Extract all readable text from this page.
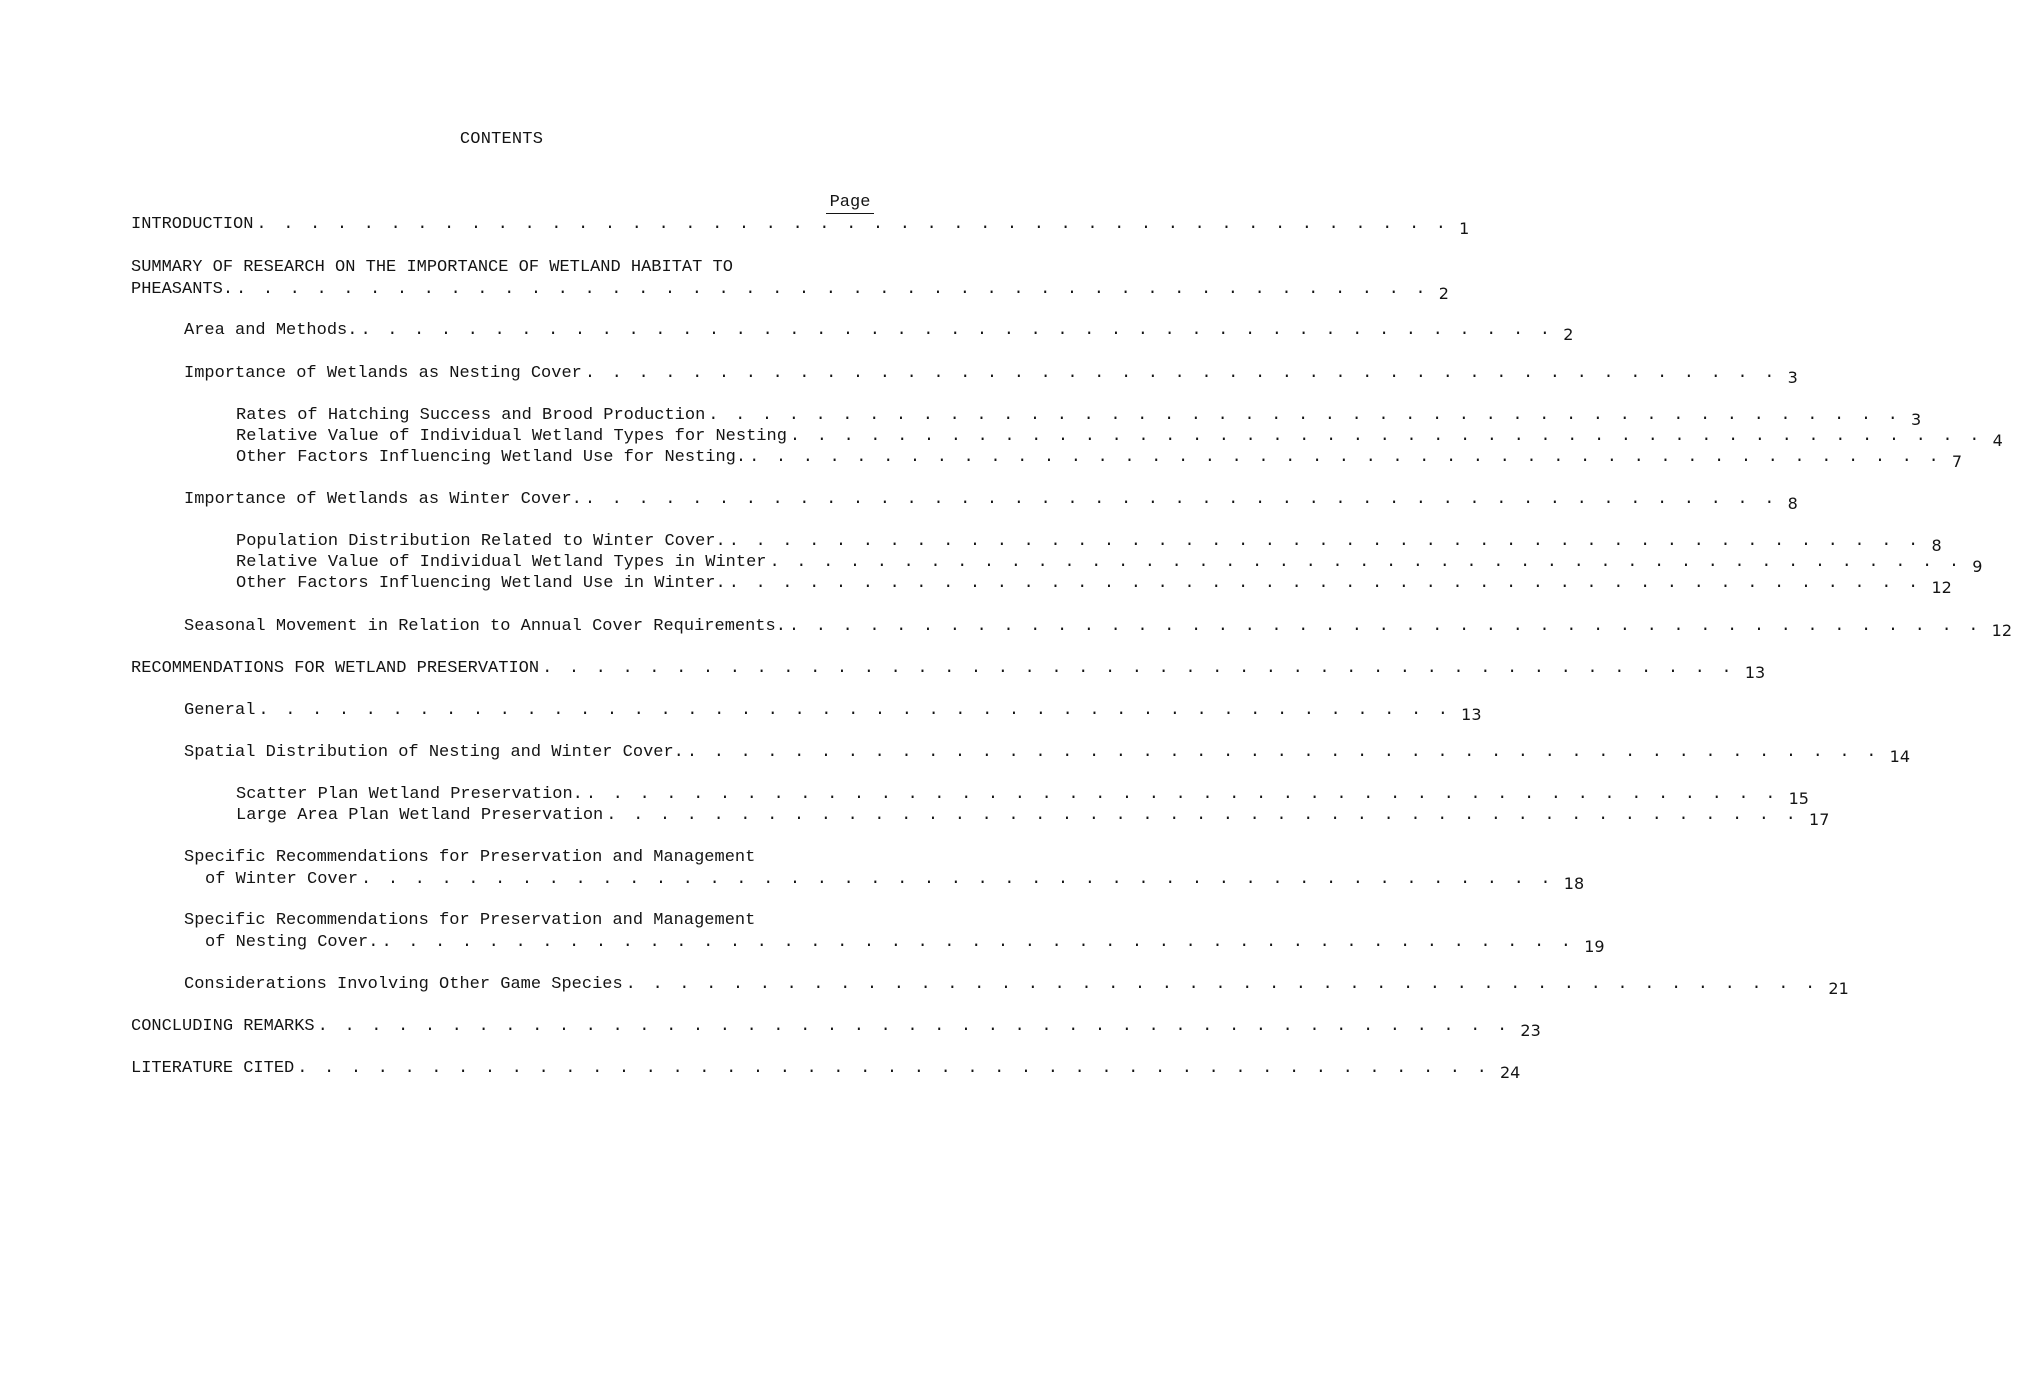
CONTENTS
Page
INTRODUCTION . . . . . . . . . . . . . . . . . . . . . . . . . . . . . . . . . . . . . . . . . . . . . 1
SUMMARY OF RESEARCH ON THE IMPORTANCE OF WETLAND HABITAT TO
PHEASANTS. . . . . . . . . . . . . . . . . . . . . . . . . . . . . . . . . . . . . . . . . . . . . . 2
Area and Methods. . . . . . . . . . . . . . . . . . . . . . . . . . . . . . . . . . . . . . . . . . . . . . 2
Importance of Wetlands as Nesting Cover . . . . . . . . . . . . . . . . . . . . . . . . . . . . . . . . . . . . . . . . . . . . . 3
Rates of Hatching Success and Brood Production . . . . . . . . . . . . . . . . . . . . . . . . . . . . . . . . . . . . . . . . . . . . . 3
Relative Value of Individual Wetland Types for Nesting . . . . . . . . . . . . . . . . . . . . . . . . . . . . . . . . . . . . . . . . . . . . . 4
Other Factors Influencing Wetland Use for Nesting. . . . . . . . . . . . . . . . . . . . . . . . . . . . . . . . . . . . . . . . . . . . . . 7
Importance of Wetlands as Winter Cover. . . . . . . . . . . . . . . . . . . . . . . . . . . . . . . . . . . . . . . . . . . . . . 8
Population Distribution Related to Winter Cover. . . . . . . . . . . . . . . . . . . . . . . . . . . . . . . . . . . . . . . . . . . . . . 8
Relative Value of Individual Wetland Types in Winter . . . . . . . . . . . . . . . . . . . . . . . . . . . . . . . . . . . . . . . . . . . . . 9
Other Factors Influencing Wetland Use in Winter. . . . . . . . . . . . . . . . . . . . . . . . . . . . . . . . . . . . . . . . . . . . . . 12
Seasonal Movement in Relation to Annual Cover Requirements. . . . . . . . . . . . . . . . . . . . . . . . . . . . . . . . . . . . . . . . . . . . . . 12
RECOMMENDATIONS FOR WETLAND PRESERVATION . . . . . . . . . . . . . . . . . . . . . . . . . . . . . . . . . . . . . . . . . . . . . 13
General . . . . . . . . . . . . . . . . . . . . . . . . . . . . . . . . . . . . . . . . . . . . . 13
Spatial Distribution of Nesting and Winter Cover. . . . . . . . . . . . . . . . . . . . . . . . . . . . . . . . . . . . . . . . . . . . . . 14
Scatter Plan Wetland Preservation. . . . . . . . . . . . . . . . . . . . . . . . . . . . . . . . . . . . . . . . . . . . . . 15
Large Area Plan Wetland Preservation . . . . . . . . . . . . . . . . . . . . . . . . . . . . . . . . . . . . . . . . . . . . . 17
Specific Recommendations for Preservation and Management
of Winter Cover . . . . . . . . . . . . . . . . . . . . . . . . . . . . . . . . . . . . . . . . . . . . . 18
Specific Recommendations for Preservation and Management
of Nesting Cover. . . . . . . . . . . . . . . . . . . . . . . . . . . . . . . . . . . . . . . . . . . . . . 19
Considerations Involving Other Game Species . . . . . . . . . . . . . . . . . . . . . . . . . . . . . . . . . . . . . . . . . . . . . 21
CONCLUDING REMARKS . . . . . . . . . . . . . . . . . . . . . . . . . . . . . . . . . . . . . . . . . . . . . 23
LITERATURE CITED . . . . . . . . . . . . . . . . . . . . . . . . . . . . . . . . . . . . . . . . . . . . . 24
